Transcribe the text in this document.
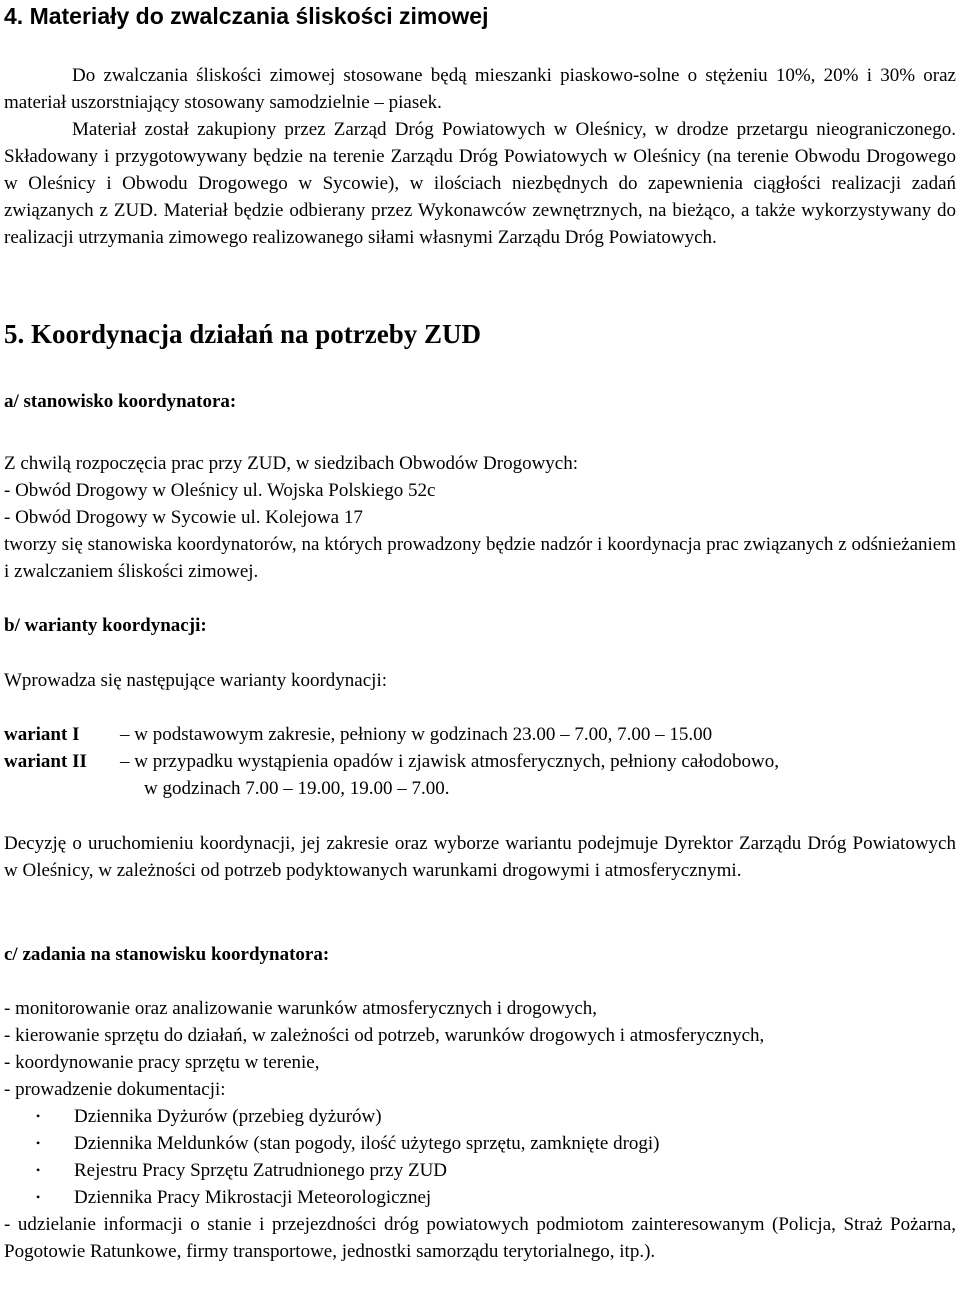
4. Materiały do zwalczania śliskości zimowej

Do zwalczania śliskości zimowej stosowane będą mieszanki piaskowo-solne o stężeniu 10%, 20% i 30% oraz materiał uszorstniający stosowany samodzielnie – piasek.

Materiał został zakupiony przez Zarząd Dróg Powiatowych w Oleśnicy, w drodze przetargu nieograniczonego. Składowany i przygotowywany będzie na terenie Zarządu Dróg Powiatowych w Oleśnicy (na terenie Obwodu Drogowego w Oleśnicy i Obwodu Drogowego w Sycowie), w ilościach niezbędnych do zapewnienia ciągłości realizacji zadań związanych z ZUD. Materiał będzie odbierany przez Wykonawców zewnętrznych, na bieżąco, a także wykorzystywany do realizacji utrzymania zimowego realizowanego siłami własnymi Zarządu Dróg Powiatowych.

5. Koordynacja działań na potrzeby ZUD

a/ stanowisko koordynatora:

Z chwilą rozpoczęcia prac przy ZUD, w siedzibach Obwodów Drogowych:

- Obwód Drogowy w Oleśnicy ul. Wojska Polskiego 52c

- Obwód Drogowy w Sycowie ul. Kolejowa 17

tworzy się stanowiska koordynatorów, na których prowadzony będzie nadzór i koordynacja prac związanych z odśnieżaniem i zwalczaniem śliskości zimowej.

b/ warianty koordynacji:

Wprowadza się następujące warianty koordynacji:

wariant I	– w podstawowym zakresie, pełniony w godzinach 23.00 – 7.00, 7.00 – 15.00
wariant II	– w przypadku wystąpienia opadów i zjawisk atmosferycznych, pełniony całodobowo,
w godzinach 7.00 – 19.00, 19.00 – 7.00.

Decyzję o uruchomieniu koordynacji, jej zakresie oraz wyborze wariantu podejmuje Dyrektor Zarządu Dróg Powiatowych w Oleśnicy, w zależności od potrzeb podyktowanych warunkami drogowymi i atmosferycznymi.

c/ zadania na stanowisku koordynatora:

- monitorowanie oraz analizowanie warunków atmosferycznych i drogowych,

- kierowanie sprzętu do działań, w zależności od potrzeb, warunków drogowych i atmosferycznych,

- koordynowanie pracy sprzętu w terenie,

- prowadzenie dokumentacji:

• Dziennika Dyżurów (przebieg dyżurów)
• Dziennika Meldunków (stan pogody, ilość użytego sprzętu, zamknięte drogi)
• Rejestru Pracy Sprzętu Zatrudnionego przy ZUD
• Dziennika Pracy Mikrostacji Meteorologicznej

- udzielanie informacji o stanie i przejezdności dróg powiatowych podmiotom zainteresowanym (Policja, Straż Pożarna, Pogotowie Ratunkowe, firmy transportowe, jednostki samorządu terytorialnego, itp.).
